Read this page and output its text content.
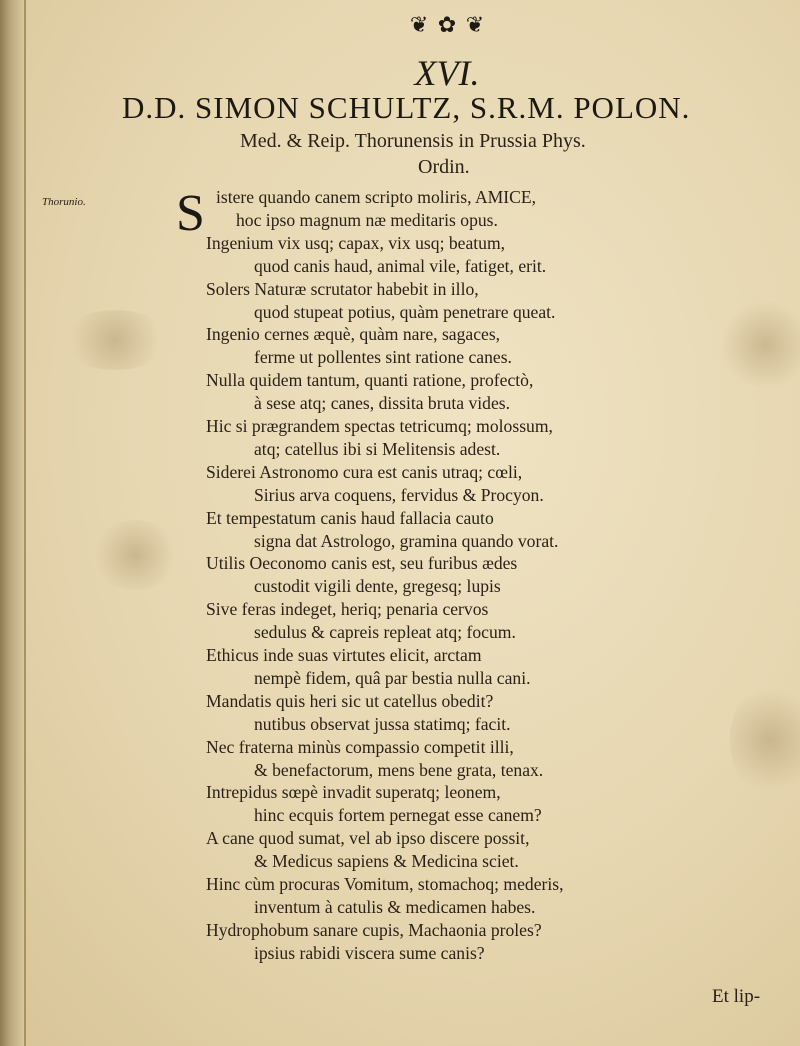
❦ ✿ ❦
XVI.
D.D. SIMON SCHULTZ, S.R.M. POLON.
Med. & Reip. Thorunensis in Prussia Phys.
Ordin.
Thorunio. S istere quando canem scripto moliris, AMICE,
hoc ipso magnum næ meditaris opus.
Ingenium vix usq; capax, vix usq; beatum,
quod canis haud, animal vile, fatiget, erit.
Solers Naturæ scrutator habebit in illo,
quod stupeat potius, quàm penetrare queat.
Ingenio cernes æquè, quàm nare, sagaces,
ferme ut pollentes sint ratione canes.
Nulla quidem tantum, quanti ratione, profectò,
à sese atq; canes, dissita bruta vides.
Hic si prægrandem spectas tetricumq; molossum,
atq; catellus ibi si Melitensis adest.
Siderei Astronomo cura est canis utraq; cœli,
Sirius arva coquens, fervidus & Procyon.
Et tempestatum canis haud fallacia cauto
signa dat Astrologo, gramina quando vorat.
Utilis Oeconomo canis est, seu furibus ædes
custodit vigili dente, gregesq; lupis
Sive feras indeget, heriq; penaria cervos
sedulus & capreis repleat atq; focum.
Ethicus inde suas virtutes elicit, arctam
nempè fidem, quâ par bestia nulla cani.
Mandatis quis heri sic ut catellus obedit?
nutibus observat jussa statimq; facit.
Nec fraterna minùs compassio competit illi,
& benefactorum, mens bene grata, tenax.
Intrepidus sœpè invadit superatq; leonem,
hinc ecquis fortem pernegat esse canem?
A cane quod sumat, vel ab ipso discere possit,
& Medicus sapiens & Medicina sciet.
Hinc cùm procuras Vomitum, stomachoq; mederis,
inventum à catulis & medicamen habes.
Hydrophobum sanare cupis, Machaonia proles?
ipsius rabidi viscera sume canis?
Et lip-
